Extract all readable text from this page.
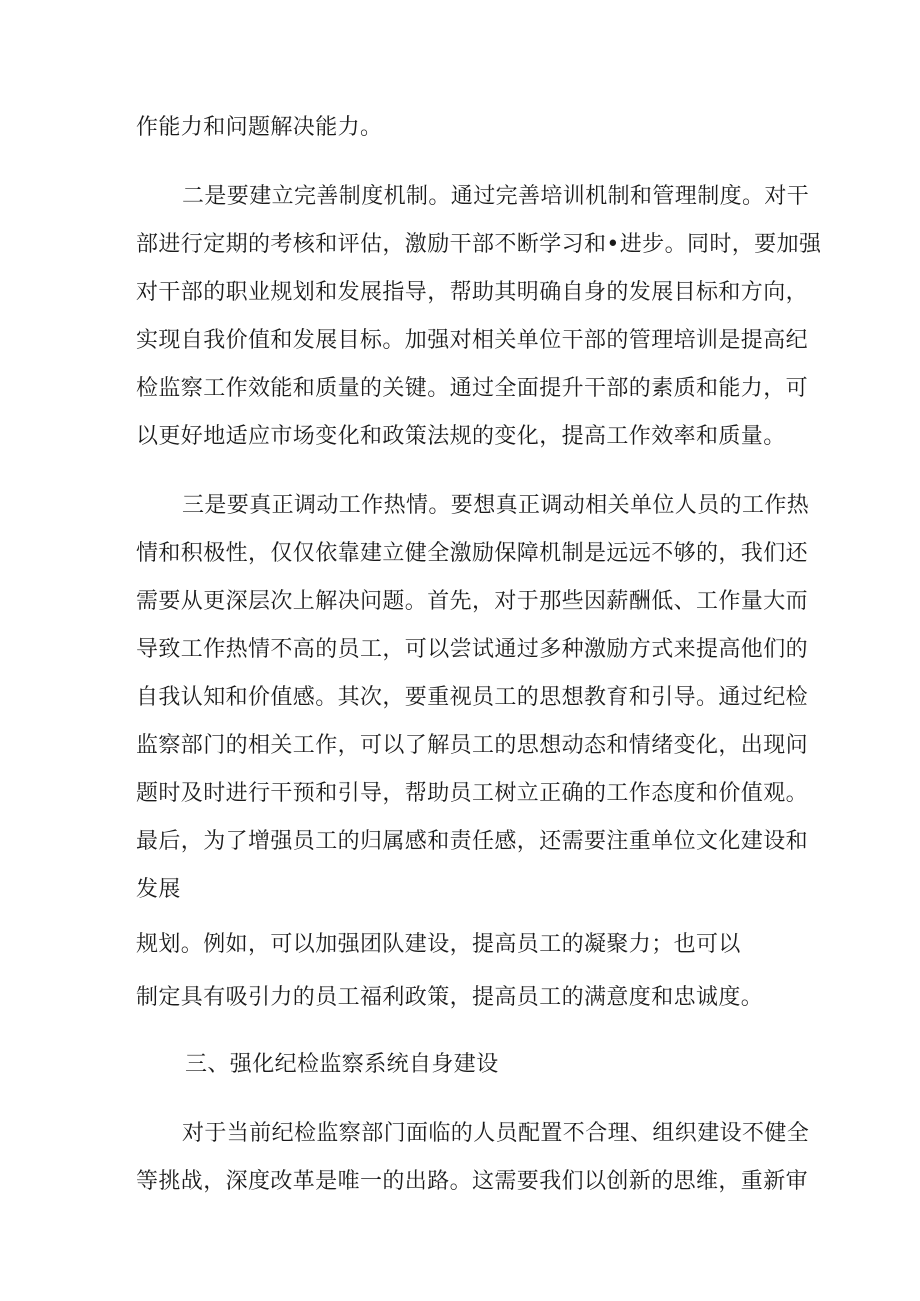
作能力和问题解决能力。
二是要建立完善制度机制。通过完善培训机制和管理制度。对干
部进行定期的考核和评估，激励干部不断学习和•进步。同时，要加强
对干部的职业规划和发展指导，帮助其明确自身的发展目标和方向，
实现自我价值和发展目标。加强对相关单位干部的管理培训是提高纪
检监察工作效能和质量的关键。通过全面提升干部的素质和能力，可
以更好地适应市场变化和政策法规的变化，提高工作效率和质量。
三是要真正调动工作热情。要想真正调动相关单位人员的工作热
情和积极性，仅仅依靠建立健全激励保障机制是远远不够的，我们还
需要从更深层次上解决问题。首先，对于那些因薪酬低、工作量大而
导致工作热情不高的员工，可以尝试通过多种激励方式来提高他们的
自我认知和价值感。其次，要重视员工的思想教育和引导。通过纪检
监察部门的相关工作，可以了解员工的思想动态和情绪变化，出现问
题时及时进行干预和引导，帮助员工树立正确的工作态度和价值观。
最后，为了增强员工的归属感和责任感，还需要注重单位文化建设和
发展
规划。例如，可以加强团队建设，提高员工的凝聚力；也可以
制定具有吸引力的员工福利政策，提高员工的满意度和忠诚度。
三、强化纪检监察系统自身建设
对于当前纪检监察部门面临的人员配置不合理、组织建设不健全
等挑战，深度改革是唯一的出路。这需要我们以创新的思维，重新审
